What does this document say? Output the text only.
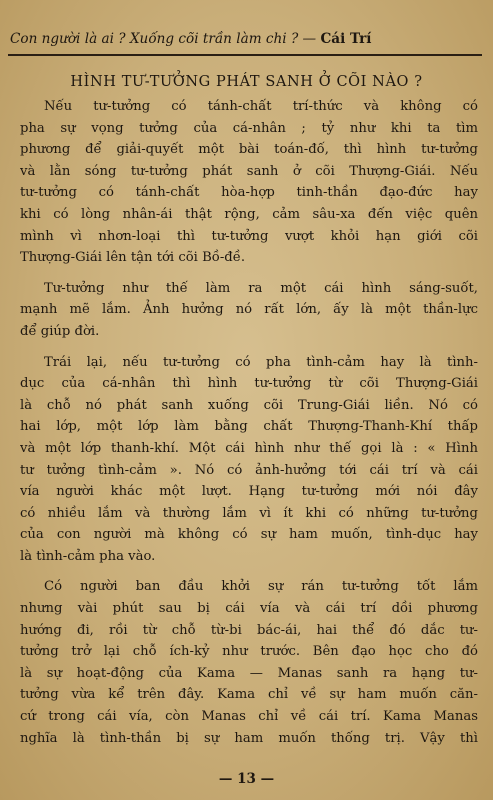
Con người là ai ? Xuống cõi trần làm chi ? — Cái Trí
HÌNH TƯ-TƯỞNG PHÁT SANH Ở CÕI NÀO ?
Nếu tư-tưởng có tánh-chất trí-thức và không có
pha sự vọng tưởng của cá-nhân ; tỷ như khi ta tìm
phương để giải-quyết một bài toán-đố, thì hình tư-tưởng
và lằn sóng tư-tưởng phát sanh ở cõi Thượng-Giái. Nếu
tư-tưởng có tánh-chất hòa-hợp tinh-thần đạo-đức hay
khi có lòng nhân-ái thật rộng, cảm sâu-xa đến việc quên
mình vì nhơn-loại thì tư-tưởng vượt khỏi hạn giới cõi
Thượng-Giái lên tận tới cõi Bồ-đề.
Tư-tưởng như thế làm ra một cái hình sáng-suốt,
mạnh mẽ lắm. Ảnh hưởng nó rất lớn, ấy là một thần-lực
để giúp đời.
Trái lại, nếu tư-tưởng có pha tình-cảm hay là tình-
dục của cá-nhân thì hình tư-tưởng từ cõi Thượng-Giái
là chỗ nó phát sanh xuống cõi Trung-Giái liền. Nó có
hai lớp, một lớp làm bằng chất Thượng-Thanh-Khí thấp
và một lớp thanh-khí. Một cái hình như thế gọi là : « Hình
tư tưởng tình-cảm ». Nó có ảnh-hưởng tới cái trí và cái
vía người khác một lượt. Hạng tư-tưởng mới nói đây
có nhiều lắm và thường lắm vì ít khi có những tư-tưởng
của con người mà không có sự ham muốn, tình-dục hay
là tình-cảm pha vào.
Có người ban đầu khởi sự rán tư-tưởng tốt lắm
nhưng vài phút sau bị cái vía và cái trí dồi phương
hướng đi, rồi từ chỗ từ-bi bác-ái, hai thể đó dắc tư-
tưởng trở lại chỗ ích-kỷ như trước. Bên đạo học cho đó
là sự hoạt-động của Kama — Manas sanh ra hạng tư-
tưởng vừa kể trên đây. Kama chỉ về sự ham muốn căn-
cứ trong cái vía, còn Manas chỉ về cái trí. Kama Manas
nghĩa là tình-thần bị sự ham muốn thống trị. Vậy thì
— 13 —
